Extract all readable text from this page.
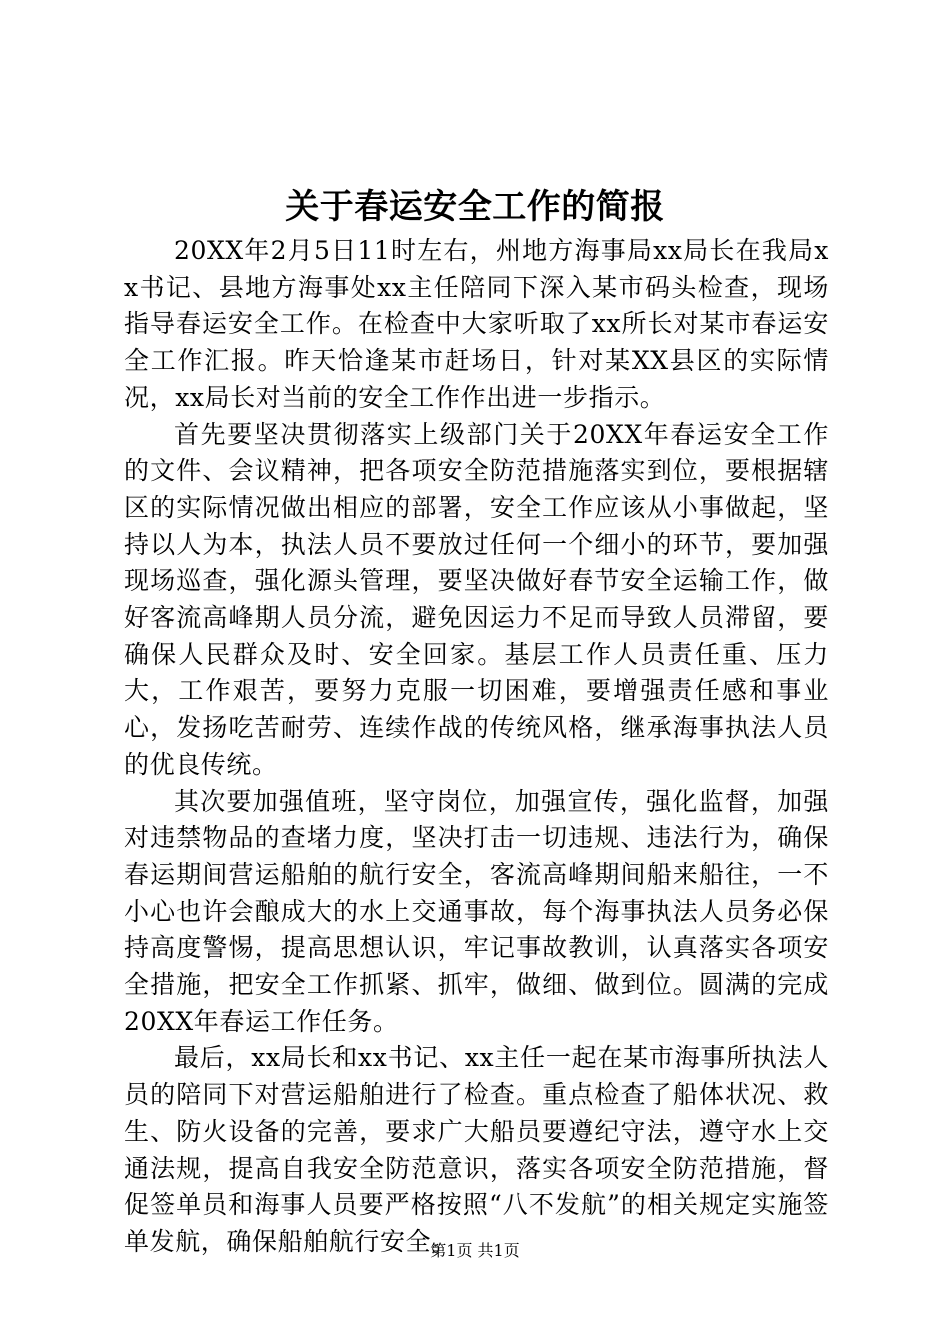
关于春运安全工作的简报

20XX年2月5日11时左右，州地方海事局xx局长在我局xx书记、县地方海事处xx主任陪同下深入某市码头检查，现场指导春运安全工作。在检查中大家听取了xx所长对某市春运安全工作汇报。昨天恰逢某市赶场日，针对某XX县区的实际情况，xx局长对当前的安全工作作出进一步指示。

首先要坚决贯彻落实上级部门关于20XX年春运安全工作的文件、会议精神，把各项安全防范措施落实到位，要根据辖区的实际情况做出相应的部署，安全工作应该从小事做起，坚持以人为本，执法人员不要放过任何一个细小的环节，要加强现场巡查，强化源头管理，要坚决做好春节安全运输工作，做好客流高峰期人员分流，避免因运力不足而导致人员滞留，要确保人民群众及时、安全回家。基层工作人员责任重、压力大，工作艰苦，要努力克服一切困难，要增强责任感和事业心，发扬吃苦耐劳、连续作战的传统风格，继承海事执法人员的优良传统。

其次要加强值班，坚守岗位，加强宣传，强化监督，加强对违禁物品的查堵力度，坚决打击一切违规、违法行为，确保春运期间营运船舶的航行安全，客流高峰期间船来船往，一不小心也许会酿成大的水上交通事故，每个海事执法人员务必保持高度警惕，提高思想认识，牢记事故教训，认真落实各项安全措施，把安全工作抓紧、抓牢，做细、做到位。圆满的完成20XX年春运工作任务。

最后，xx局长和xx书记、xx主任一起在某市海事所执法人员的陪同下对营运船舶进行了检查。重点检查了船体状况、救生、防火设备的完善，要求广大船员要遵纪守法，遵守水上交通法规，提高自我安全防范意识，落实各项安全防范措施，督促签单员和海事人员要严格按照“八不发航”的相关规定实施签单发航，确保船舶航行安全。

第1页 共1页
